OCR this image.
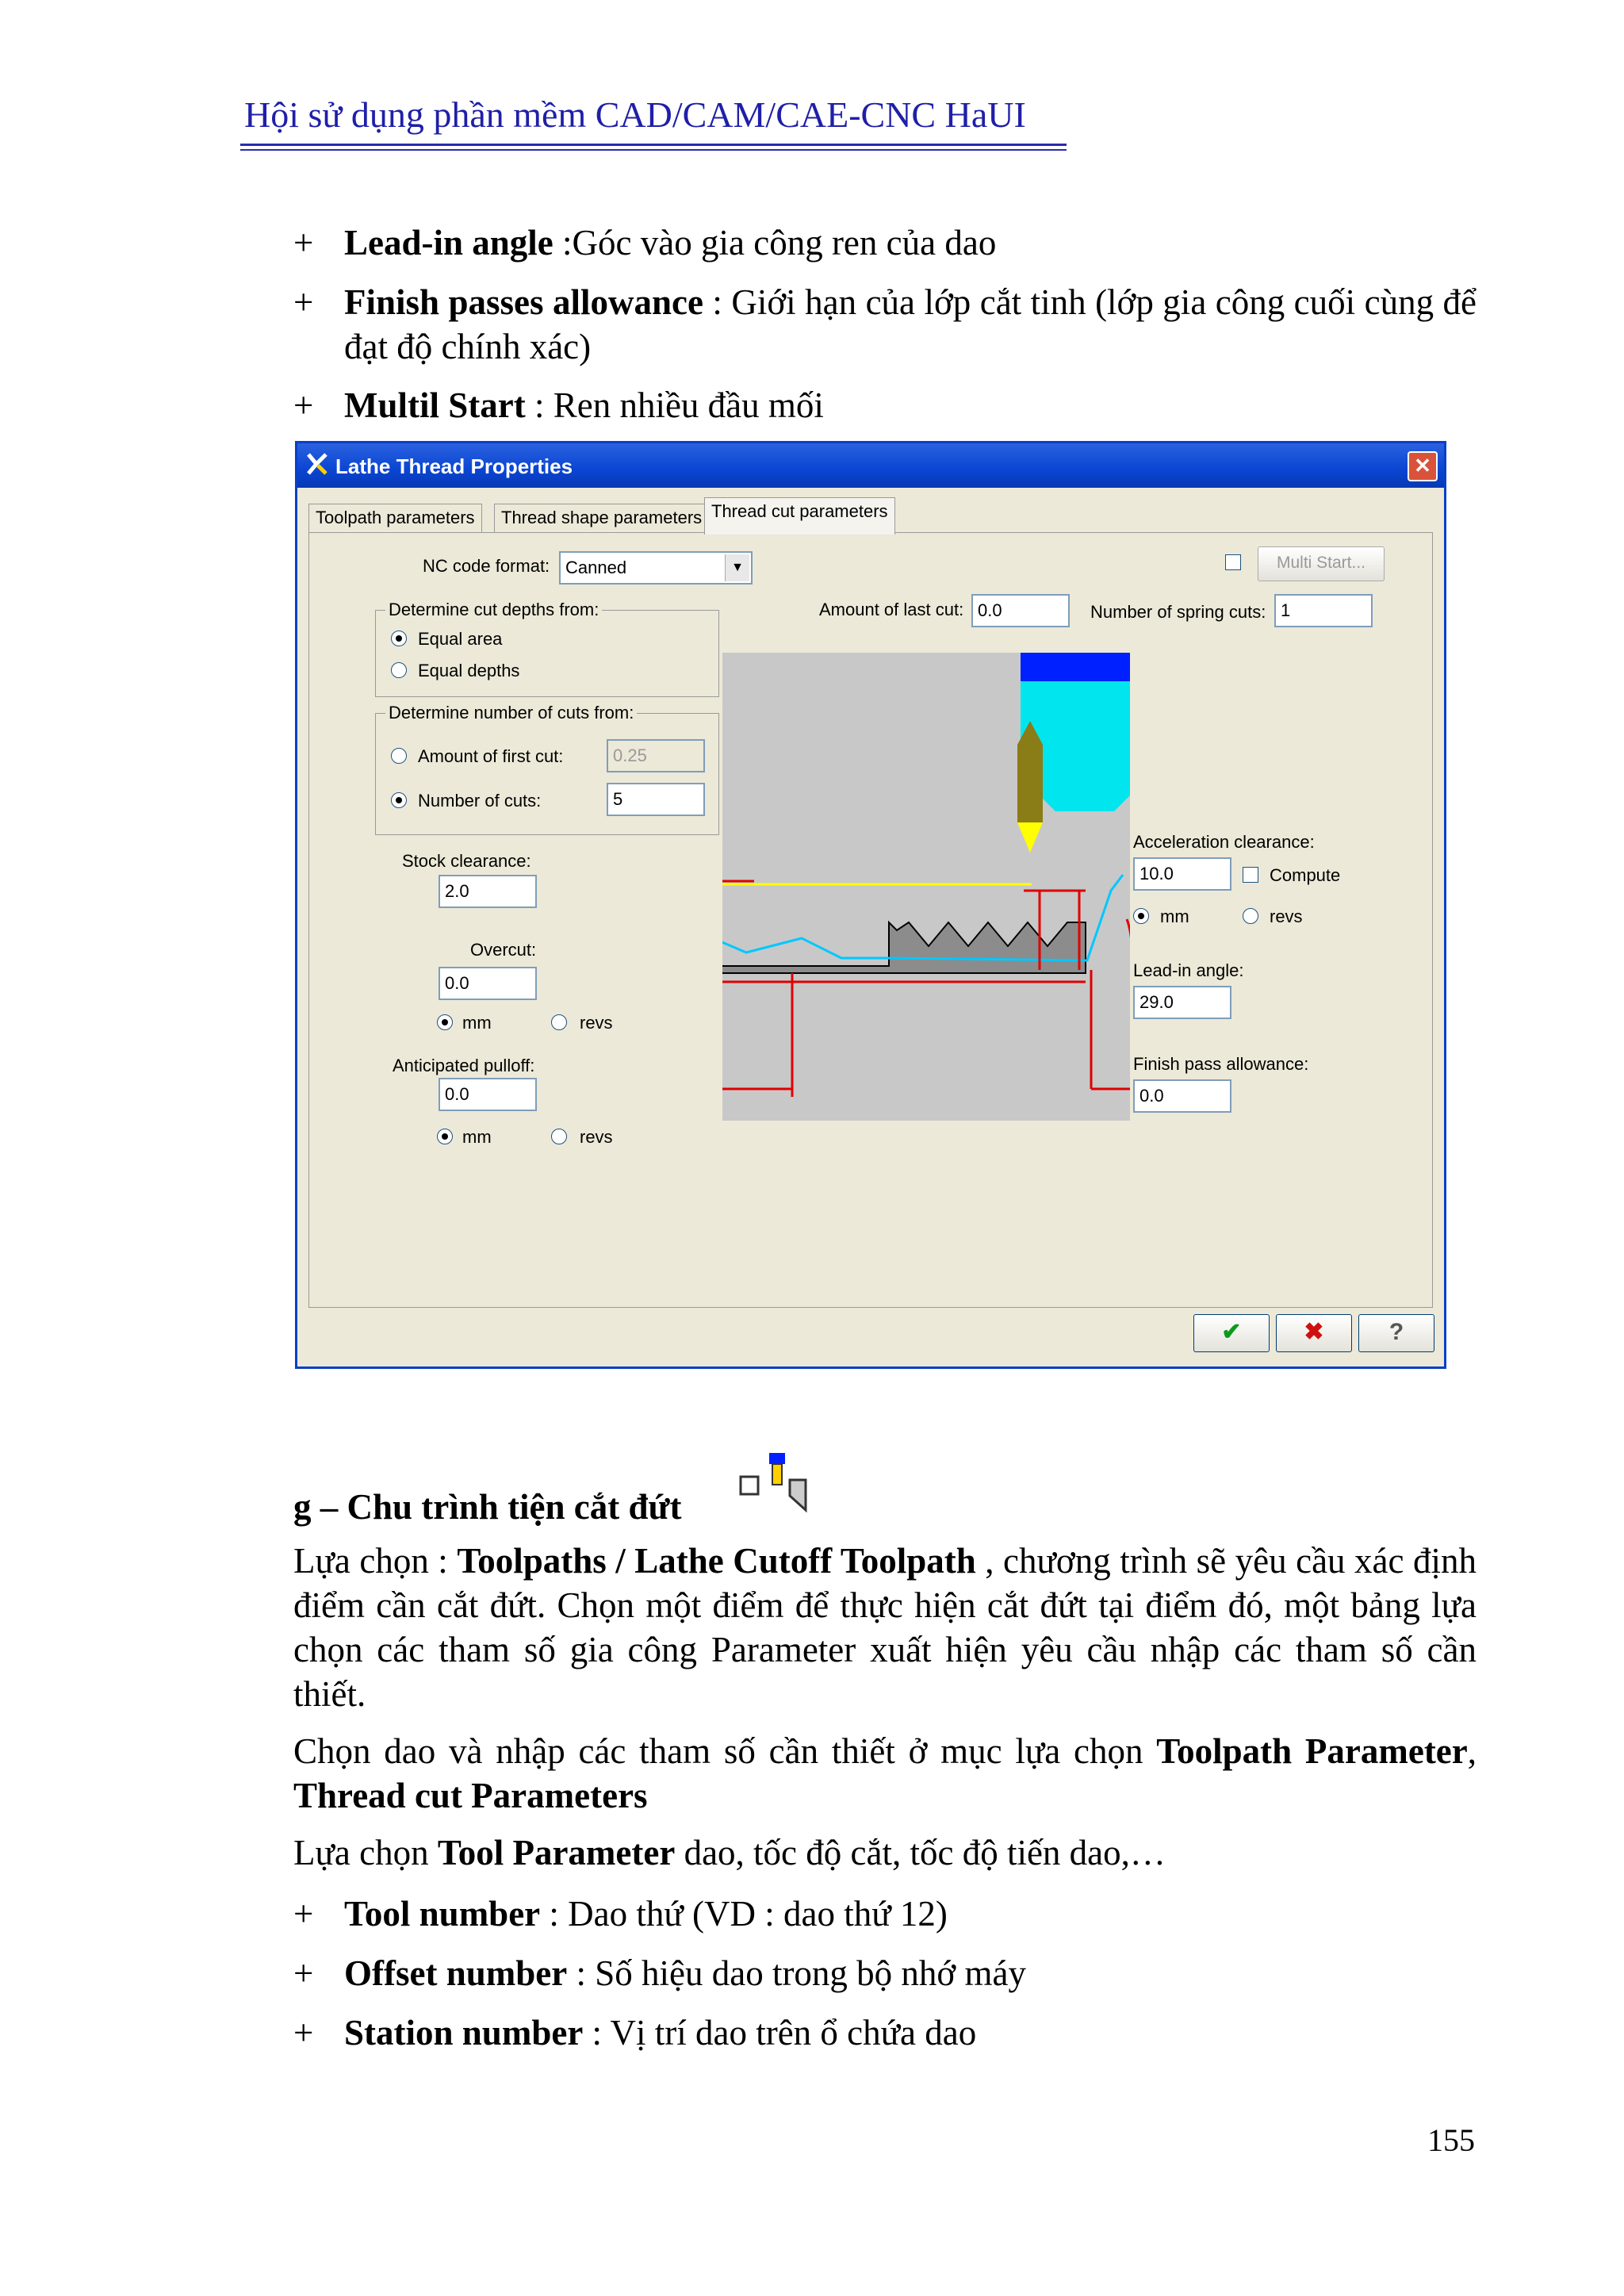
Hội sử dụng phần mềm CAD/CAM/CAE-CNC HaUI
+ Lead-in angle :Góc vào gia công ren của dao
+ Finish passes allowance : Giới hạn của lớp cắt tinh (lớp gia công cuối cùng để đạt độ chính xác)
+ Multil Start : Ren nhiều đầu mối
Lathe Thread Properties	✕
Toolpath parameters	Thread shape parameters Thread cut parameters
NC code format: Canned	▼	Multi Start...
Amount of last cut: 0.0	Number of spring cuts: 1
Determine cut depths from:
Equal area
Equal depths
Determine number of cuts from:
Amount of first cut:	0.25
Number of cuts:	5
Stock clearance:
2.0
Overcut:
0.0
mm	revs
Anticipated pulloff:
0.0
mm	revs
Acceleration clearance:
10.0	Compute
mm	revs
Lead-in angle:
29.0
Finish pass allowance:
0.0
✔	✖	?
g – Chu trình tiện cắt đứt
Lựa chọn : Toolpaths / Lathe Cutoff Toolpath , chương trình sẽ yêu cầu xác định điểm cần cắt đứt. Chọn một điểm để thực hiện cắt đứt tại điểm đó, một bảng lựa chọn các tham số gia công Parameter xuất hiện yêu cầu nhập các tham số cần thiết.
Chọn dao và nhập các tham số cần thiết ở mục lựa chọn Toolpath Parameter, Thread cut Parameters
Lựa chọn Tool Parameter dao, tốc độ cắt, tốc độ tiến dao,…
+ Tool number : Dao thứ (VD : dao thứ 12)
+ Offset number : Số hiệu dao trong bộ nhớ máy
+ Station number : Vị trí dao trên ổ chứa dao
155
